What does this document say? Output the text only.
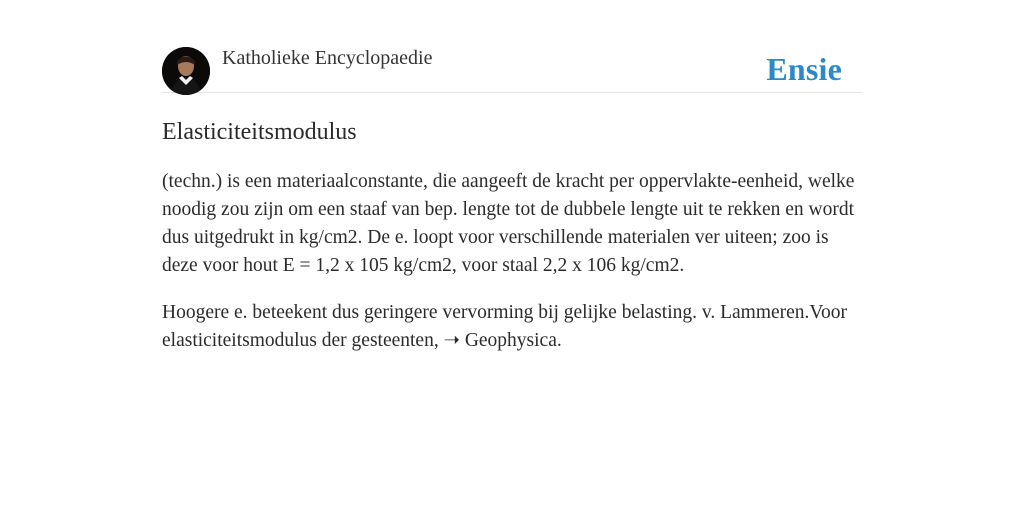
Katholieke Encyclopaedie	Ensie
Elasticiteitsmodulus

(techn.) is een materiaalconstante, die aangeeft de kracht per oppervlakte-eenheid, welke noodig zou zijn om een staaf van bep. lengte tot de dubbele lengte uit te rekken en wordt dus uitgedrukt in kg/cm2. De e. loopt voor verschillende materialen ver uiteen; zoo is deze voor hout E = 1,2 x 105 kg/cm2, voor staal 2,2 x 106 kg/cm2.

Hoogere e. beteekent dus geringere vervorming bij gelijke belasting. v. Lammeren.Voor elasticiteitsmodulus der gesteenten, ➝ Geophysica.
